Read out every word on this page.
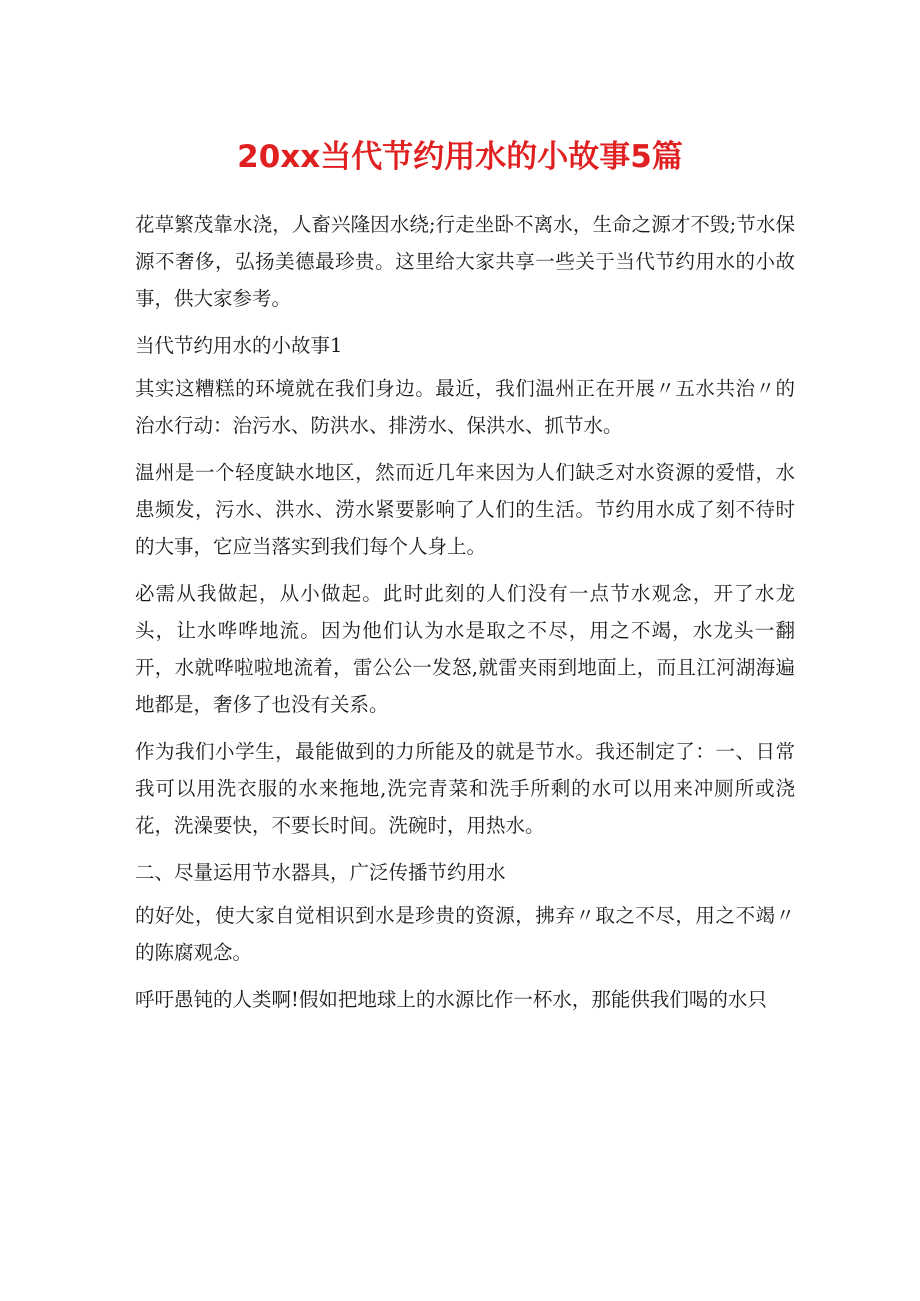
20xx当代节约用水的小故事5篇

花草繁茂靠水浇，人畜兴隆因水绕;行走坐卧不离水，生命之源才不毁;节水保源不奢侈，弘扬美德最珍贵。这里给大家共享一些关于当代节约用水的小故事，供大家参考。

当代节约用水的小故事1

其实这糟糕的环境就在我们身边。最近，我们温州正在开展〃五水共治〃的治水行动：治污水、防洪水、排涝水、保洪水、抓节水。

温州是一个轻度缺水地区，然而近几年来因为人们缺乏对水资源的爱惜，水患频发，污水、洪水、涝水紧要影响了人们的生活。节约用水成了刻不待时的大事，它应当落实到我们每个人身上。

必需从我做起，从小做起。此时此刻的人们没有一点节水观念，开了水龙头，让水哗哗地流。因为他们认为水是取之不尽，用之不竭，水龙头一翻开，水就哗啦啦地流着，雷公公一发怒,就雷夹雨到地面上，而且江河湖海遍地都是，奢侈了也没有关系。

作为我们小学生，最能做到的力所能及的就是节水。我还制定了：一、日常我可以用洗衣服的水来拖地,洗完青菜和洗手所剩的水可以用来冲厕所或浇花，洗澡要快，不要长时间。洗碗时，用热水。

二、尽量运用节水器具，广泛传播节约用水

的好处，使大家自觉相识到水是珍贵的资源，拂弃〃取之不尽，用之不竭〃的陈腐观念。

呼吁愚钝的人类啊!假如把地球上的水源比作一杯水，那能供我们喝的水只
